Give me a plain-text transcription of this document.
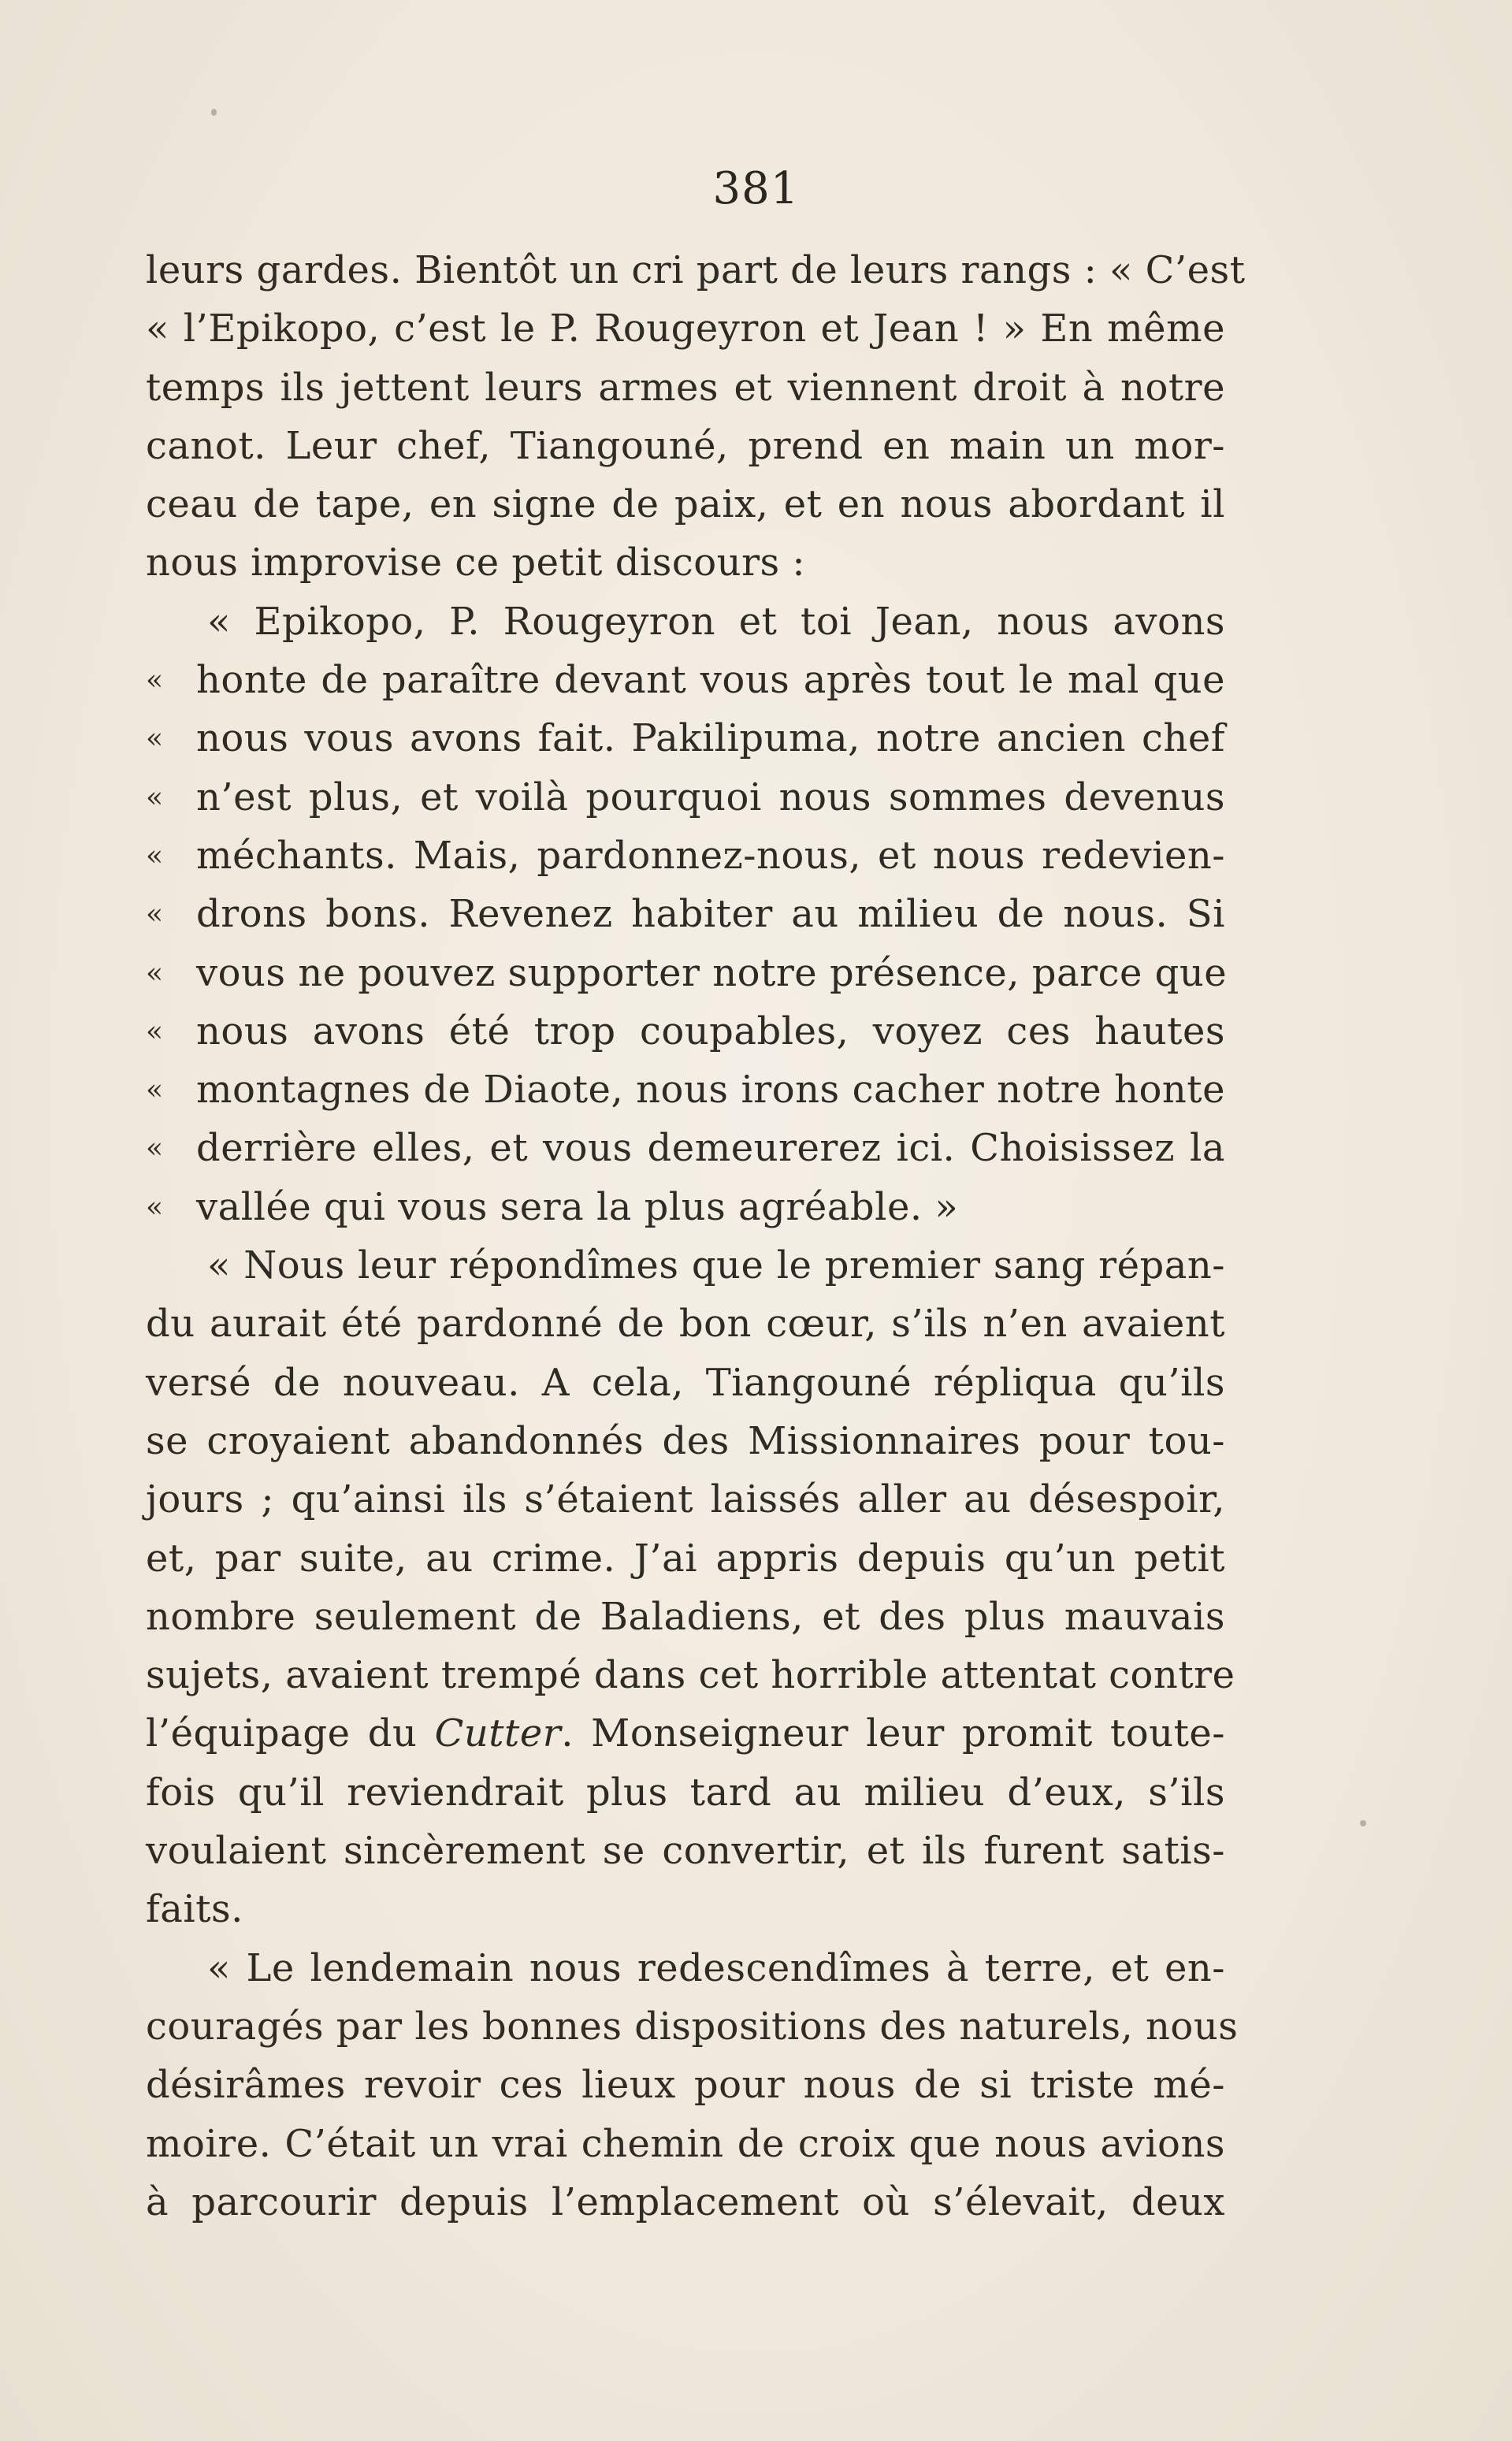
381
leurs gardes. Bientôt un cri part de leurs rangs : « C’est
« l’Epikopo, c’est le P. Rougeyron et Jean ! » En même
temps ils jettent leurs armes et viennent droit à notre
canot. Leur chef, Tiangouné, prend en main un mor-
ceau de tape, en signe de paix, et en nous abordant il
nous improvise ce petit discours :
« Epikopo, P. Rougeyron et toi Jean, nous avons
« honte de paraître devant vous après tout le mal que
« nous vous avons fait. Pakilipuma, notre ancien chef
« n’est plus, et voilà pourquoi nous sommes devenus
« méchants. Mais, pardonnez-nous, et nous redevien-
« drons bons. Revenez habiter au milieu de nous. Si
« vous ne pouvez supporter notre présence, parce que
« nous avons été trop coupables, voyez ces hautes
« montagnes de Diaote, nous irons cacher notre honte
« derrière elles, et vous demeurerez ici. Choisissez la
« vallée qui vous sera la plus agréable. »
« Nous leur répondîmes que le premier sang répan-
du aurait été pardonné de bon cœur, s’ils n’en avaient
versé de nouveau. A cela, Tiangouné répliqua qu’ils
se croyaient abandonnés des Missionnaires pour tou-
jours ; qu’ainsi ils s’étaient laissés aller au désespoir,
et, par suite, au crime. J’ai appris depuis qu’un petit
nombre seulement de Baladiens, et des plus mauvais
sujets, avaient trempé dans cet horrible attentat contre
l’équipage du Cutter. Monseigneur leur promit toute-
fois qu’il reviendrait plus tard au milieu d’eux, s’ils
voulaient sincèrement se convertir, et ils furent satis-
faits.
« Le lendemain nous redescendîmes à terre, et en-
couragés par les bonnes dispositions des naturels, nous
désirâmes revoir ces lieux pour nous de si triste mé-
moire. C’était un vrai chemin de croix que nous avions
à parcourir depuis l’emplacement où s’élevait, deux
